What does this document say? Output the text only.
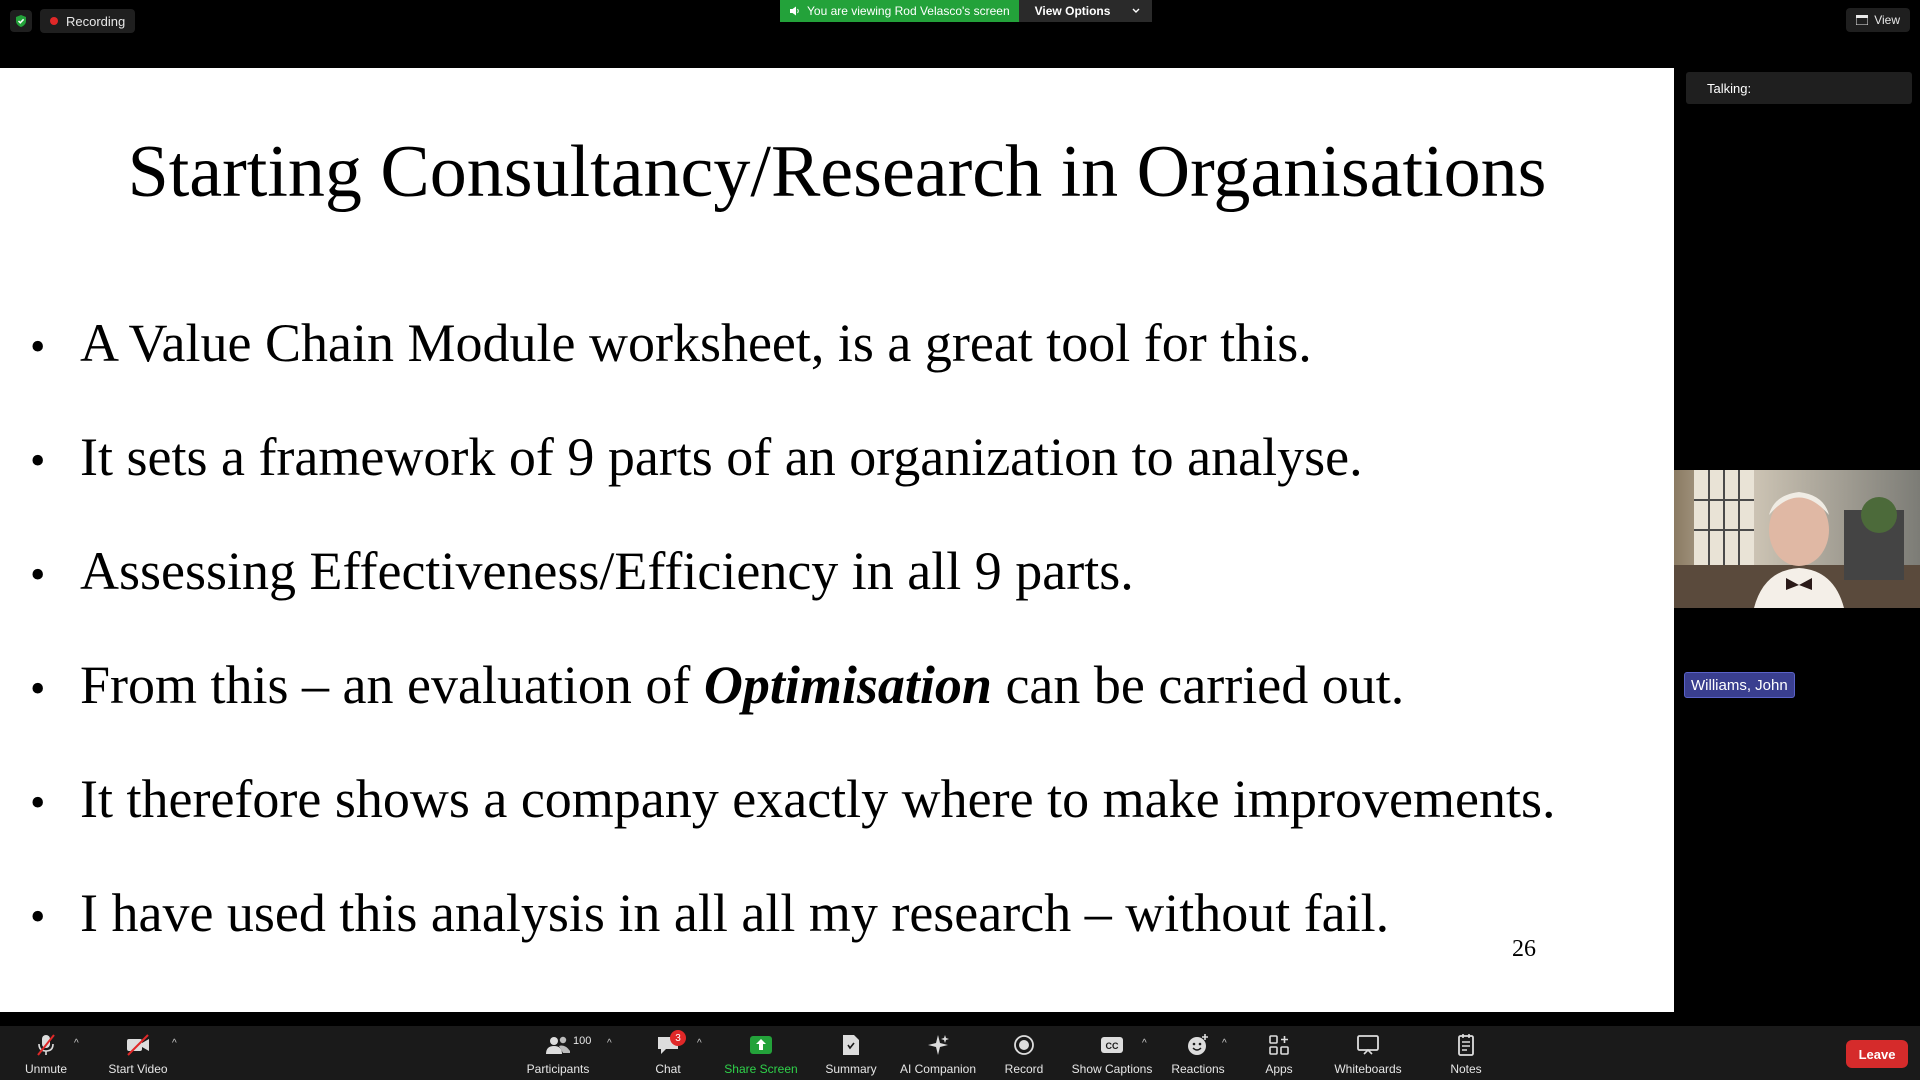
Recording
You are viewing Rod Velasco's screen View Options
View
Starting Consultancy/Research in Organisations
• A Value Chain Module worksheet, is a great tool for this.
• It sets a framework of 9 parts of an organization to analyse.
• Assessing Effectiveness/Efficiency in all 9 parts.
• From this – an evaluation of Optimisation can be carried out.
• It therefore shows a company exactly where to make improvements.
• I have used this analysis in all all my research – without fail.
26
Talking:
Williams, John
Unmute
^
Start Video
^
Participants
100 ^
Chat
3	^
Share Screen Summary AI Companion Record
CC
Show Captions
^
Reactions
^
Apps	Whiteboards	Notes
Leave
